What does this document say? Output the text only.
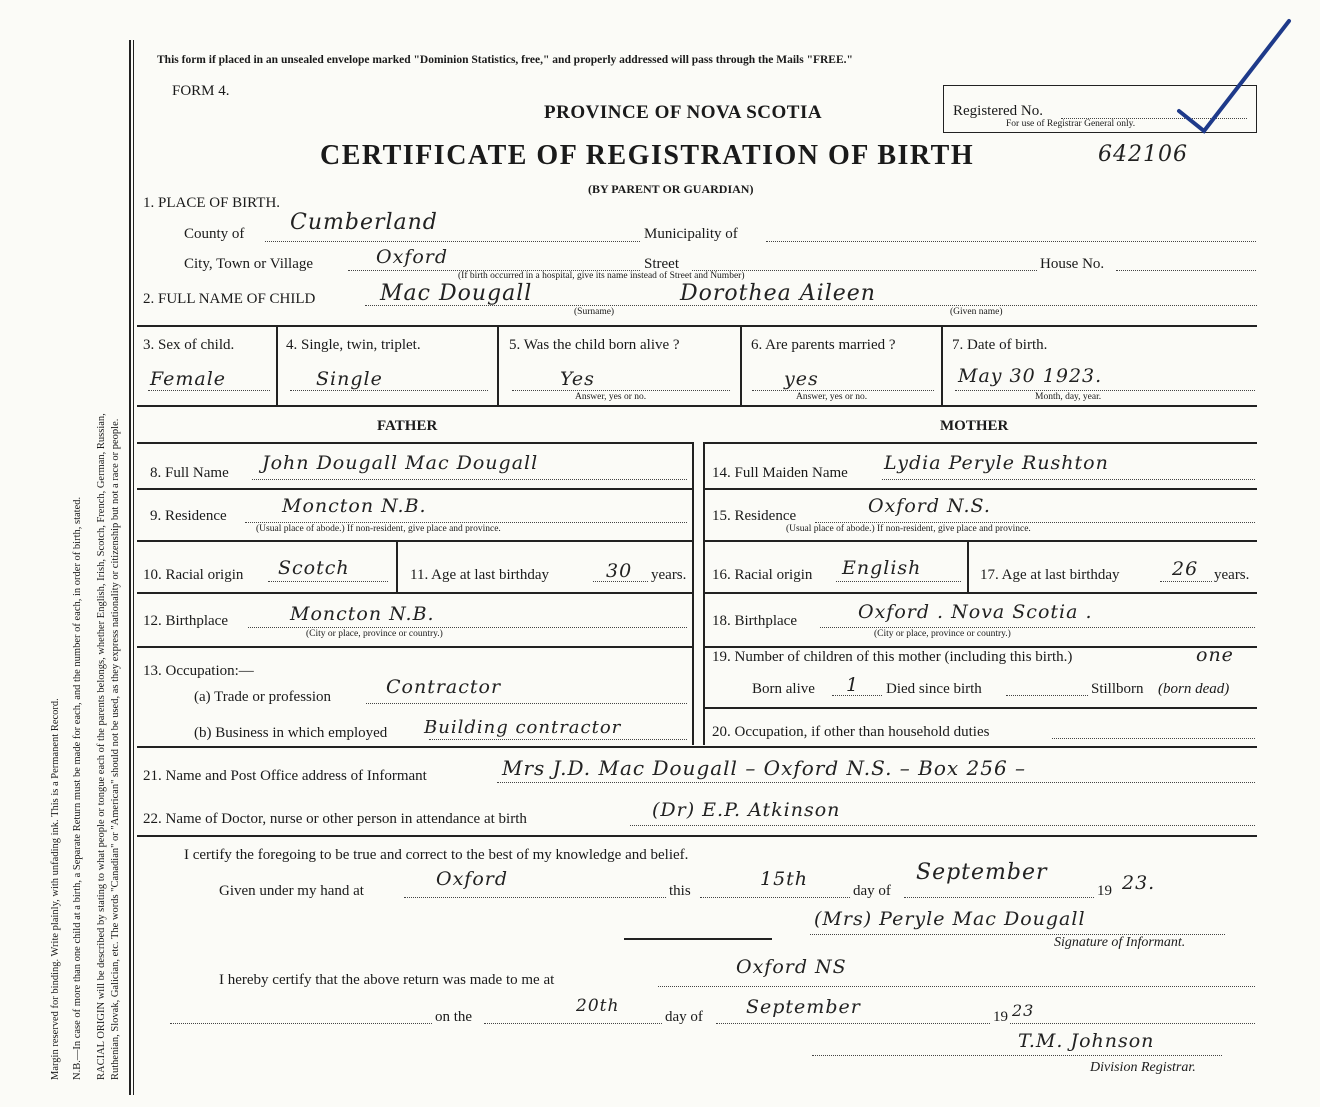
Margin reserved for binding. Write plainly, with unfading ink. This is a Permanent Record. N.B.—In case of more than one child at a birth, a Separate Return must be made for each, and the number of each, in order of birth, stated. RACIAL ORIGIN will be described by stating to what people or tongue each of the parents belongs, whether English, Irish, Scotch, French, German, Russian, Ruthenian, Slovak, Galician, etc. The words "Canadian" or "American" should not be used, as they express nationality or citizenship but not a race or people.
This form if placed in an unsealed envelope marked "Dominion Statistics, free," and properly addressed will pass through the Mails "FREE."
FORM 4.
PROVINCE OF NOVA SCOTIA	Registered No.
For use of Registrar General only.
CERTIFICATE OF REGISTRATION OF BIRTH	642106
(BY PARENT OR GUARDIAN)
1. PLACE OF BIRTH.
County of Cumberland	Municipality of
City, Town or Village	Oxford	Street	House No.
(If birth occurred in a hospital, give its name instead of Street and Number)
2. FULL NAME OF CHILD	Mac Dougall	Dorothea Aileen
(Surname)	(Given name)
3. Sex of child.
Female
4. Single, twin, triplet.
Single
5. Was the child born alive ?
Yes
Answer, yes or no.
6. Are parents married ?
yes
Answer, yes or no.
7. Date of birth.
May 30 1923.
Month, day, year.
FATHER	MOTHER
8. Full Name John Dougall Mac Dougall
9. Residence	Moncton N.B.
(Usual place of abode.) If non-resident, give place and province.
10. Racial origin Scotch	11. Age at last birthday	30 years.
12. Birthplace	Moncton N.B.
(City or place, province or country.)
13. Occupation:—
(a) Trade or profession	Contractor
(b) Business in which employed Building contractor
14. Full Maiden Name Lydia Peryle Rushton
15. Residence	Oxford N.S.
(Usual place of abode.) If non-resident, give place and province.
16. Racial origin English	17. Age at last birthday	26 years.
18. Birthplace	Oxford . Nova Scotia .
(City or place, province or country.)
19. Number of children of this mother (including this birth.)	one
Born alive 1 Died since birth	Stillborn (born dead)
20. Occupation, if other than household duties
21. Name and Post Office address of Informant	Mrs J.D. Mac Dougall – Oxford N.S. – Box 256 –
22. Name of Doctor, nurse or other person in attendance at birth	(Dr) E.P. Atkinson
I certify the foregoing to be true and correct to the best of my knowledge and belief.
Given under my hand at
Oxford
this
15th
day of
September
19 23.
(Mrs) Peryle Mac Dougall
Signature of Informant.
I hereby certify that the above return was made to me at
Oxford NS
on the
20th
day of September	19 23
T.M. Johnson
Division Registrar.
